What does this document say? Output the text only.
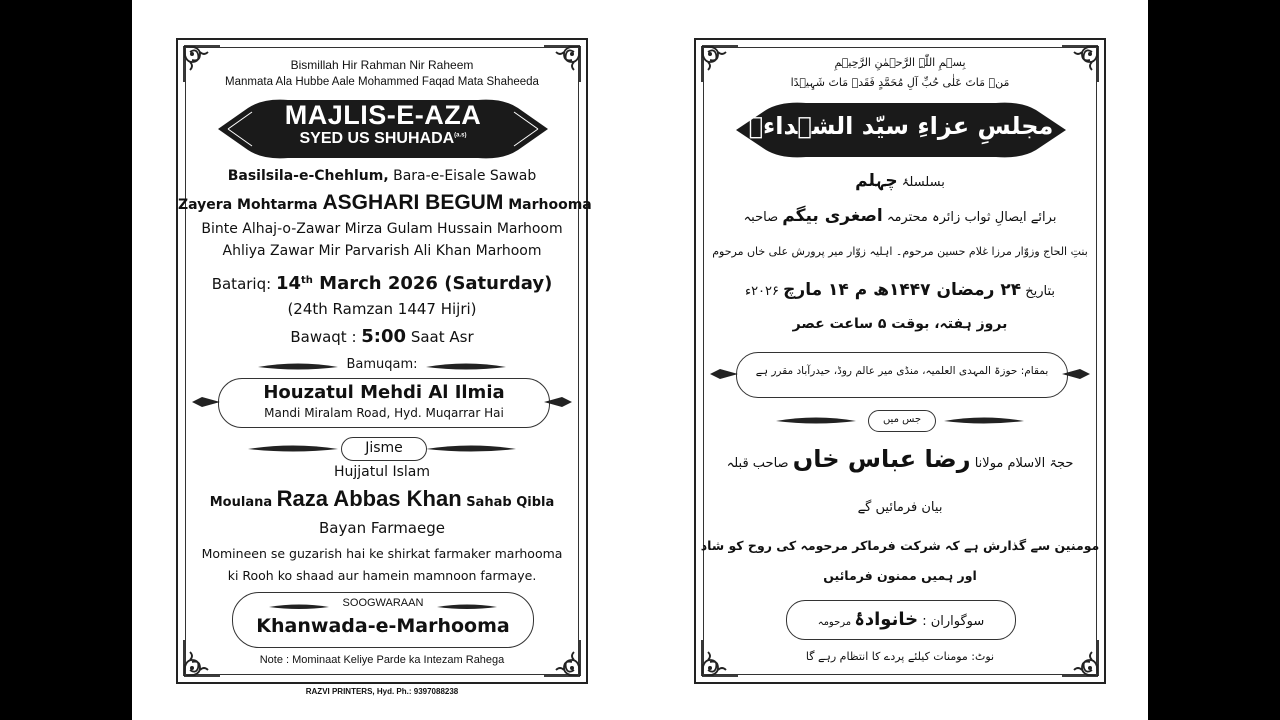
Bismillah Hir Rahman Nir Raheem
Manmata Ala Hubbe Aale Mohammed Faqad Mata Shaheeda
MAJLIS-E-AZA
SYED US $SHUHADA^{(a.s)}$
Basilsila-e-Chehlum, Bara-e-Eisale Sawab
Zayera Mohtarma ASGHARI BEGUM Marhooma
Binte Alhaj-o-Zawar Mirza Gulam Hussain Marhoom
Ahliya Zawar Mir Parvarish Ali Khan Marhoom
Batariq: 14th March 2026 (Saturday)
(24th Ramzan 1447 Hijri)
Bawaqt : 5:00 Saat Asr
Bamuqam:
Houzatul Mehdi Al Ilmia
Mandi Miralam Road, Hyd. Muqarrar Hai
Jisme
Hujjatul Islam
Moulana Raza Abbas Khan Sahab Qibla
Bayan Farmaege
Momineen se guzarish hai ke shirkat farmaker marhooma
ki Rooh ko shaad aur hamein mamnoon farmaye.
SOOGWARAAN
Khanwada-e-Marhooma
Note : Mominaat Keliye Parde ka Intezam Rahega
RAZVI PRINTERS, Hyd. Ph.: 9397088238
بِسۡمِ اللّٰہِ الرَّحۡمٰنِ الرَّحِیۡمِ
مَنۡ مَاتَ عَلٰی حُبِّ آلِ مُحَمَّدٍ فَقَدۡ مَاتَ شَہِیۡدًا
مجلسِ عزاءِ سیّد الشہداءؑ
بسلسلۂ چہلم
برائے ایصالِ ثواب زائرہ محترمہ اصغری بیگم صاحبہ
بنتِ الحاج وزوّار مرزا غلام حسین مرحوم۔ اہلیہ زوّار میر پرورش علی خاں مرحوم
بتاریخ ۲۴ رمضان ۱۴۴۷ھ م ۱۴ مارچ ۲۰۲۶ء
بروز ہفتہ، بوقت ۵ ساعت عصر
بمقام: حوزۃ المہدی العلمیہ، منڈی میر عالم روڈ، حیدرآباد مقرر ہے
جس میں
حجۃ الاسلام مولانا رضا عباس خاں صاحب قبلہ
بیان فرمائیں گے
مومنین سے گذارش ہے کہ شرکت فرماکر مرحومہ کی روح کو شاد
اور ہمیں ممنون فرمائیں
سوگواران : خانوادۂ مرحومہ
نوٹ: مومنات کیلئے پردے کا انتظام رہے گا
